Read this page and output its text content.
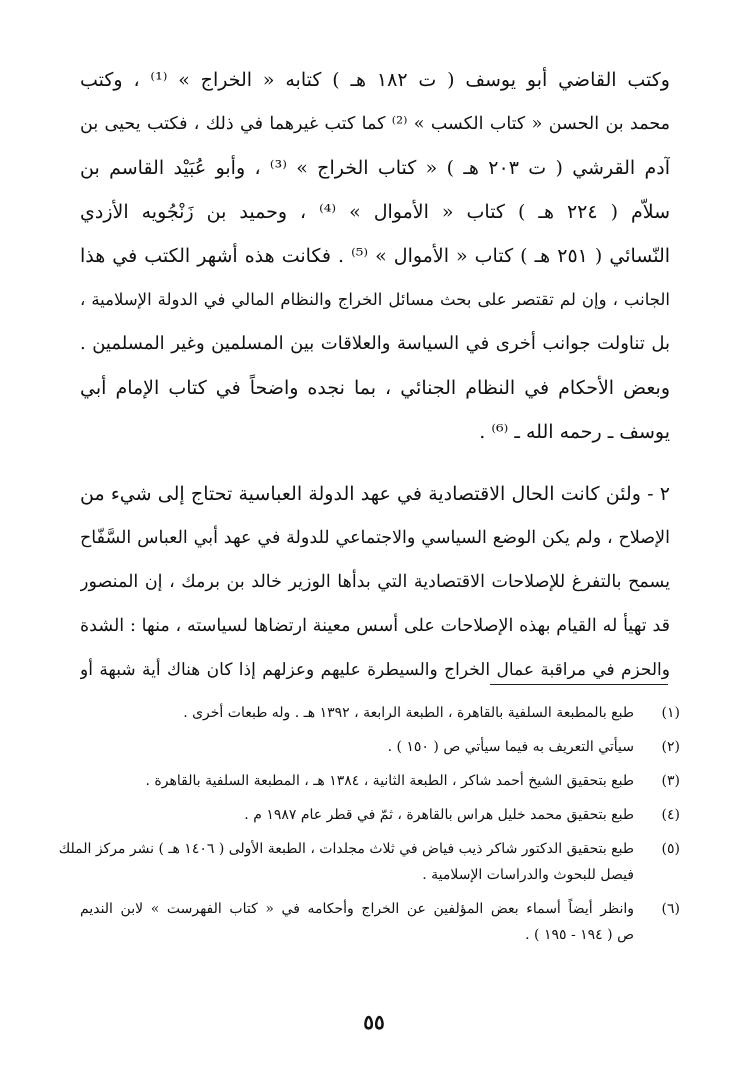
وكتب القاضي أبو يوسف ( ت ١٨٢ هـ ) كتابه « الخراج » ⁽¹⁾ ، وكتب
محمد بن الحسن « كتاب الكسب » ⁽²⁾ كما كتب غيرهما في ذلك ، فكتب يحيى بن
آدم القرشي ( ت ٢٠٣ هـ ) « كتاب الخراج » ⁽³⁾ ، وأبو عُبَيْد القاسم بن
سلاّم ( ٢٢٤ هـ ) كتاب « الأموال » ⁽⁴⁾ ، وحميد بن زَنْجُويه الأزدي
النّسائي ( ٢٥١ هـ ) كتاب « الأموال » ⁽⁵⁾ . فكانت هذه أشهر الكتب في هذا
الجانب ، وإن لم تقتصر على بحث مسائل الخراج والنظام المالي في الدولة الإسلامية ،
بل تناولت جوانب أخرى في السياسة والعلاقات بين المسلمين وغير المسلمين .
وبعض الأحكام في النظام الجنائي ، بما نجده واضحاً في كتاب الإمام أبي
يوسف ـ رحمه الله ـ ⁽⁶⁾ .
٢ - ولئن كانت الحال الاقتصادية في عهد الدولة العباسية تحتاج إلى شيء من
الإصلاح ، ولم يكن الوضع السياسي والاجتماعي للدولة في عهد أبي العباس السَّفّاح
يسمح بالتفرغ للإصلاحات الاقتصادية التي بدأها الوزير خالد بن برمك ، إن المنصور
قد تهيأ له القيام بهذه الإصلاحات على أسس معينة ارتضاها لسياسته ، منها : الشدة
والحزم في مراقبة عمال الخراج والسيطرة عليهم وعزلهم إذا كان هناك أية شبهة أو
(١)
طبع بالمطبعة السلفية بالقاهرة ، الطبعة الرابعة ، ١٣٩٢ هـ . وله طبعات أخرى .
(٢)
سيأتي التعريف به فيما سيأتي ص ( ١٥٠ ) .
(٣)
طبع بتحقيق الشيخ أحمد شاكر ، الطبعة الثانية ، ١٣٨٤ هـ ، المطبعة السلفية بالقاهرة .
(٤)
طبع بتحقيق محمد خليل هراس بالقاهرة ، ثمّ في قطر عام ١٩٨٧ م .
(٥)
طبع بتحقيق الدكتور شاكر ذيب فياض في ثلاث مجلدات ، الطبعة الأولى ( ١٤٠٦ هـ ) نشر مركز الملك
فيصل للبحوث والدراسات الإسلامية .
(٦)
وانظر أيضاً أسماء بعض المؤلفين عن الخراج وأحكامه في « كتاب الفهرست » لابن النديم
ص ( ١٩٤ - ١٩٥ ) .
٥٥
